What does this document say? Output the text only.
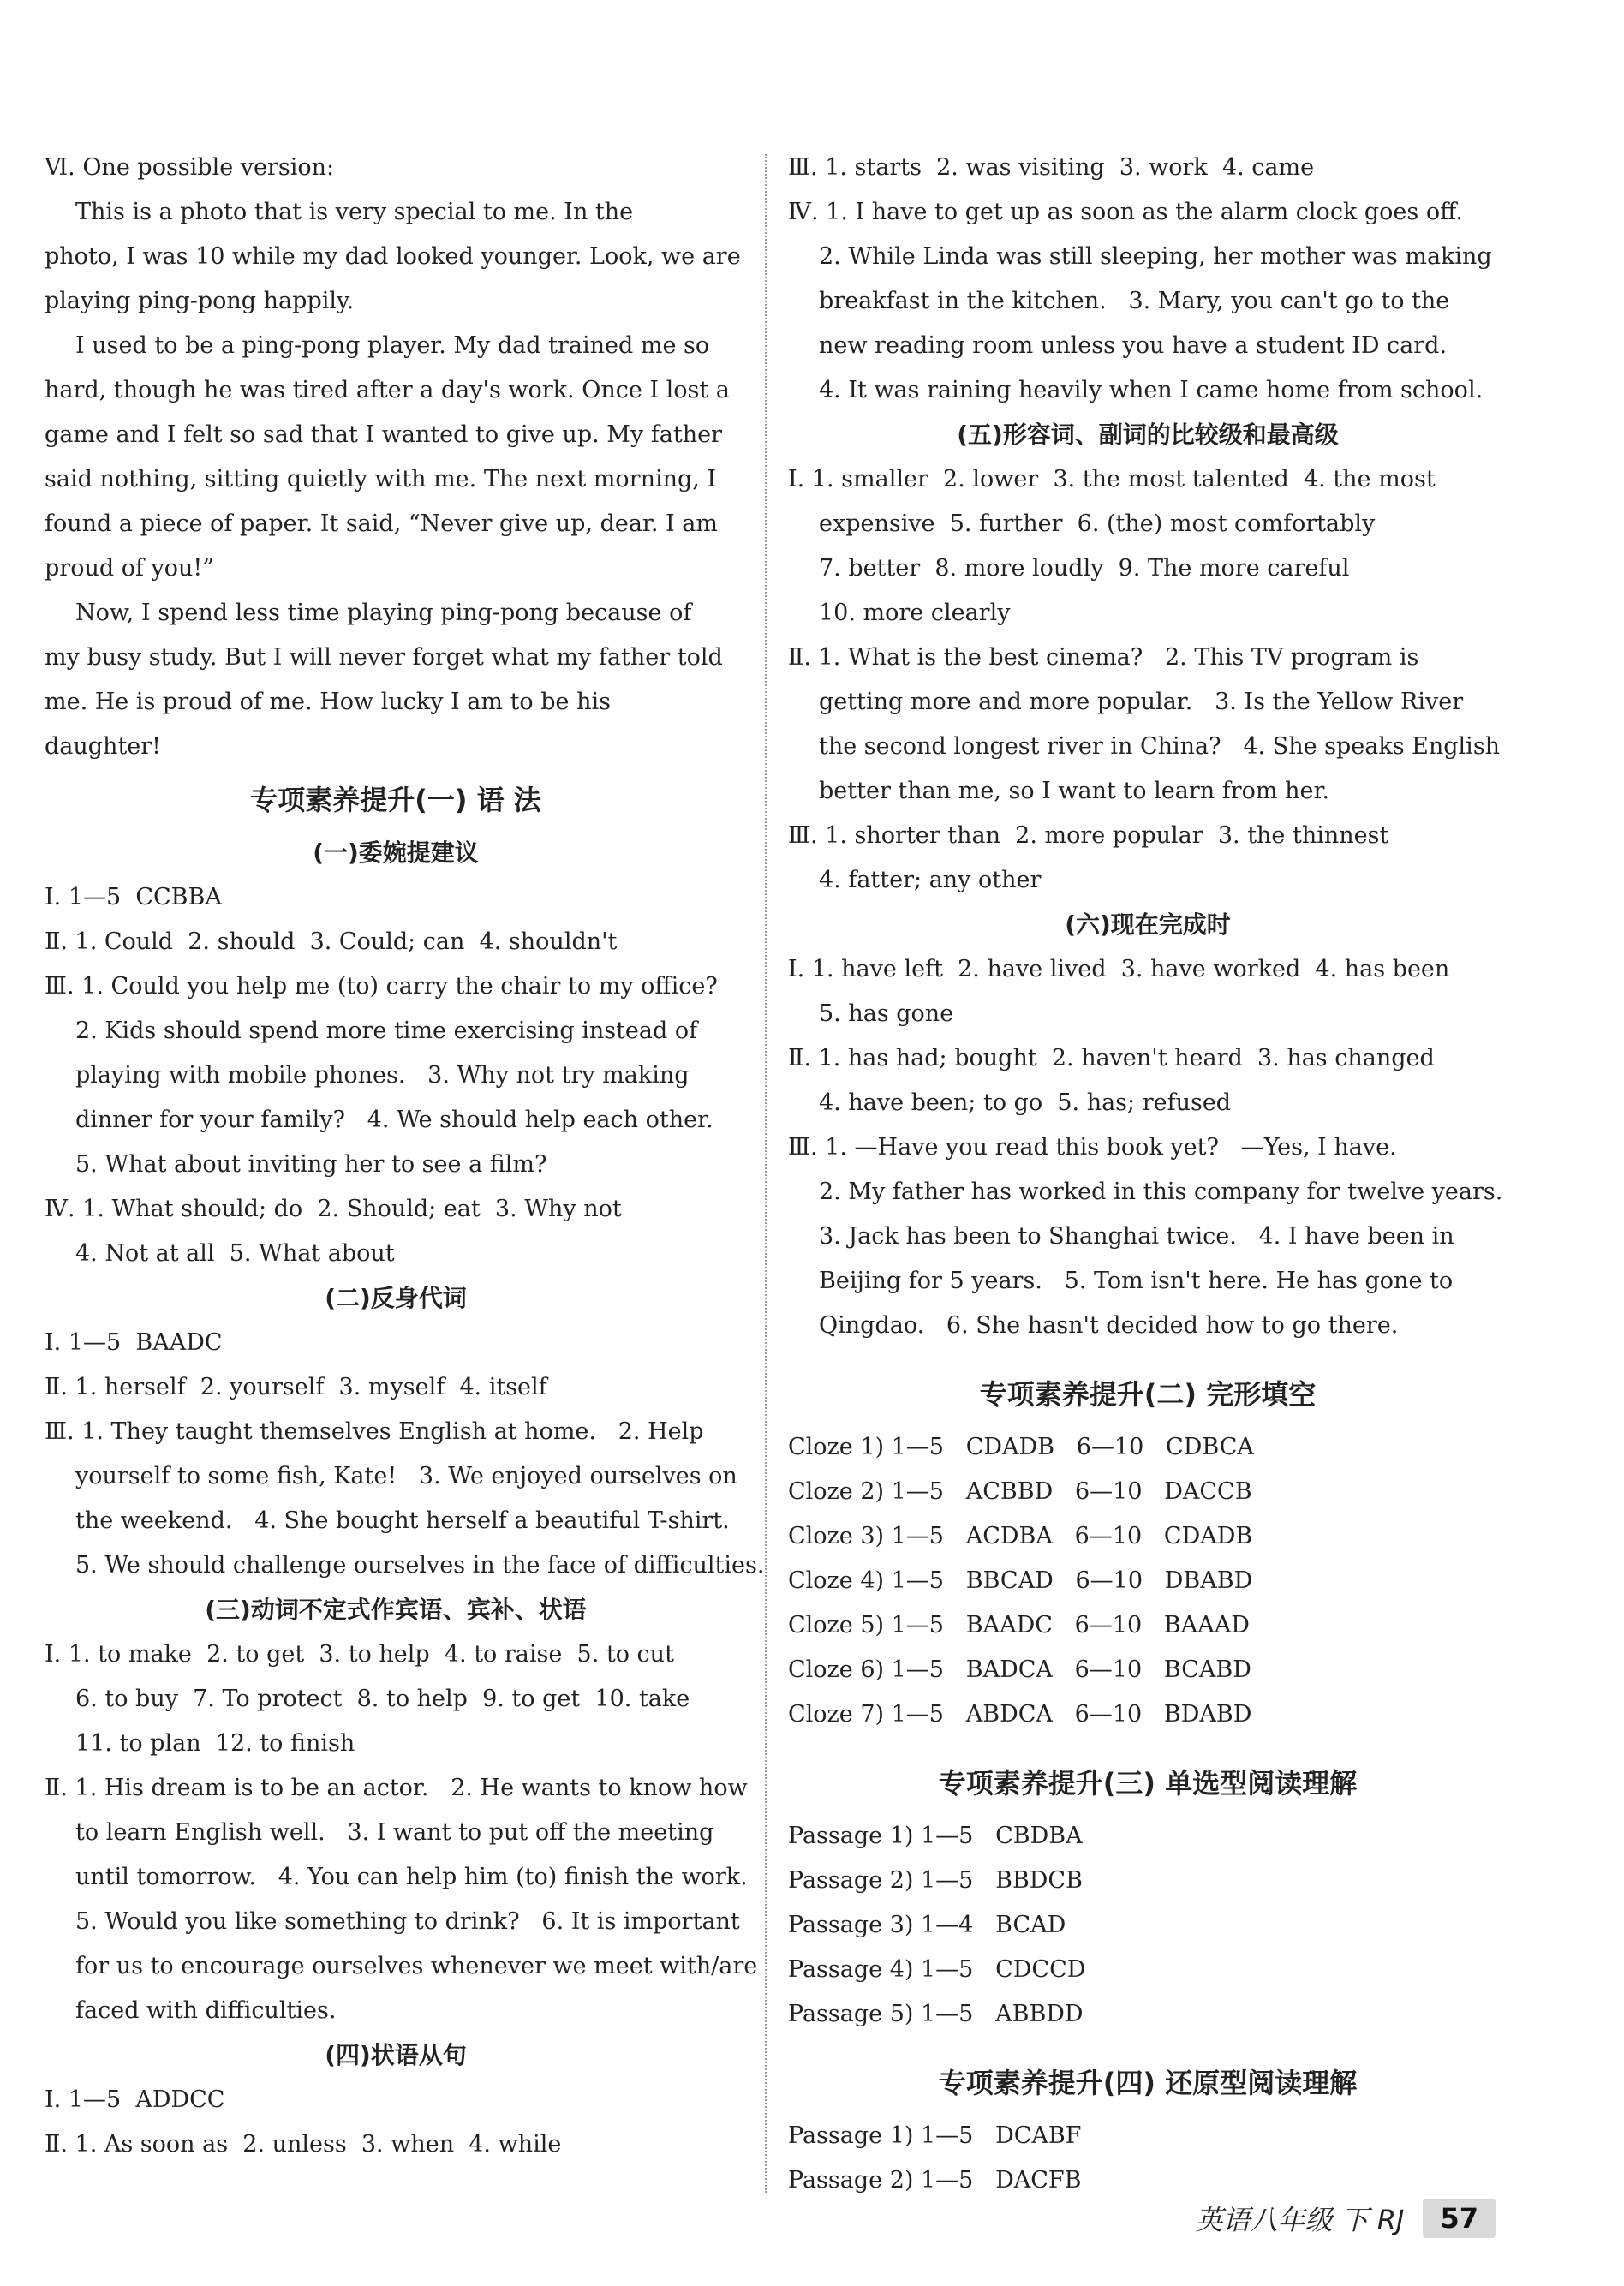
Ⅵ. One possible version:
This is a photo that is very special to me. In the
photo, I was 10 while my dad looked younger. Look, we are
playing ping-pong happily.
I used to be a ping-pong player. My dad trained me so
hard, though he was tired after a day's work. Once I lost a
game and I felt so sad that I wanted to give up. My father
said nothing, sitting quietly with me. The next morning, I
found a piece of paper. It said, “Never give up, dear. I am
proud of you!”
Now, I spend less time playing ping-pong because of
my busy study. But I will never forget what my father told
me. He is proud of me. How lucky I am to be his
daughter!
专项素养提升(一) 语 法
(一)委婉提建议
Ⅰ. 1—5  CCBBA
Ⅱ. 1. Could  2. should  3. Could; can  4. shouldn't
Ⅲ. 1. Could you help me (to) carry the chair to my office?
2. Kids should spend more time exercising instead of
playing with mobile phones.   3. Why not try making
dinner for your family?   4. We should help each other.
5. What about inviting her to see a film?
Ⅳ. 1. What should; do  2. Should; eat  3. Why not
4. Not at all  5. What about
(二)反身代词
Ⅰ. 1—5  BAADC
Ⅱ. 1. herself  2. yourself  3. myself  4. itself
Ⅲ. 1. They taught themselves English at home.   2. Help
yourself to some fish, Kate!   3. We enjoyed ourselves on
the weekend.   4. She bought herself a beautiful T-shirt.
5. We should challenge ourselves in the face of difficulties.
(三)动词不定式作宾语、宾补、状语
Ⅰ. 1. to make  2. to get  3. to help  4. to raise  5. to cut
6. to buy  7. To protect  8. to help  9. to get  10. take
11. to plan  12. to finish
Ⅱ. 1. His dream is to be an actor.   2. He wants to know how
to learn English well.   3. I want to put off the meeting
until tomorrow.   4. You can help him (to) finish the work.
5. Would you like something to drink?   6. It is important
for us to encourage ourselves whenever we meet with/are
faced with difficulties.
(四)状语从句
Ⅰ. 1—5  ADDCC
Ⅱ. 1. As soon as  2. unless  3. when  4. while
Ⅲ. 1. starts  2. was visiting  3. work  4. came
Ⅳ. 1. I have to get up as soon as the alarm clock goes off.
2. While Linda was still sleeping, her mother was making
breakfast in the kitchen.   3. Mary, you can't go to the
new reading room unless you have a student ID card.
4. It was raining heavily when I came home from school.
(五)形容词、副词的比较级和最高级
Ⅰ. 1. smaller  2. lower  3. the most talented  4. the most
expensive  5. further  6. (the) most comfortably
7. better  8. more loudly  9. The more careful
10. more clearly
Ⅱ. 1. What is the best cinema?   2. This TV program is
getting more and more popular.   3. Is the Yellow River
the second longest river in China?   4. She speaks English
better than me, so I want to learn from her.
Ⅲ. 1. shorter than  2. more popular  3. the thinnest
4. fatter; any other
(六)现在完成时
Ⅰ. 1. have left  2. have lived  3. have worked  4. has been
5. has gone
Ⅱ. 1. has had; bought  2. haven't heard  3. has changed
4. have been; to go  5. has; refused
Ⅲ. 1. —Have you read this book yet?   —Yes, I have.
2. My father has worked in this company for twelve years.
3. Jack has been to Shanghai twice.   4. I have been in
Beijing for 5 years.   5. Tom isn't here. He has gone to
Qingdao.   6. She hasn't decided how to go there.
专项素养提升(二) 完形填空
Cloze 1) 1—5   CDADB   6—10   CDBCA
Cloze 2) 1—5   ACBBD   6—10   DACCB
Cloze 3) 1—5   ACDBA   6—10   CDADB
Cloze 4) 1—5   BBCAD   6—10   DBABD
Cloze 5) 1—5   BAADC   6—10   BAAAD
Cloze 6) 1—5   BADCA   6—10   BCABD
Cloze 7) 1—5   ABDCA   6—10   BDABD
专项素养提升(三) 单选型阅读理解
Passage 1) 1—5   CBDBA
Passage 2) 1—5   BBDCB
Passage 3) 1—4   BCAD
Passage 4) 1—5   CDCCD
Passage 5) 1—5   ABBDD
专项素养提升(四) 还原型阅读理解
Passage 1) 1—5   DCABF
Passage 2) 1—5   DACFB
英语八年级 下 RJ	57
